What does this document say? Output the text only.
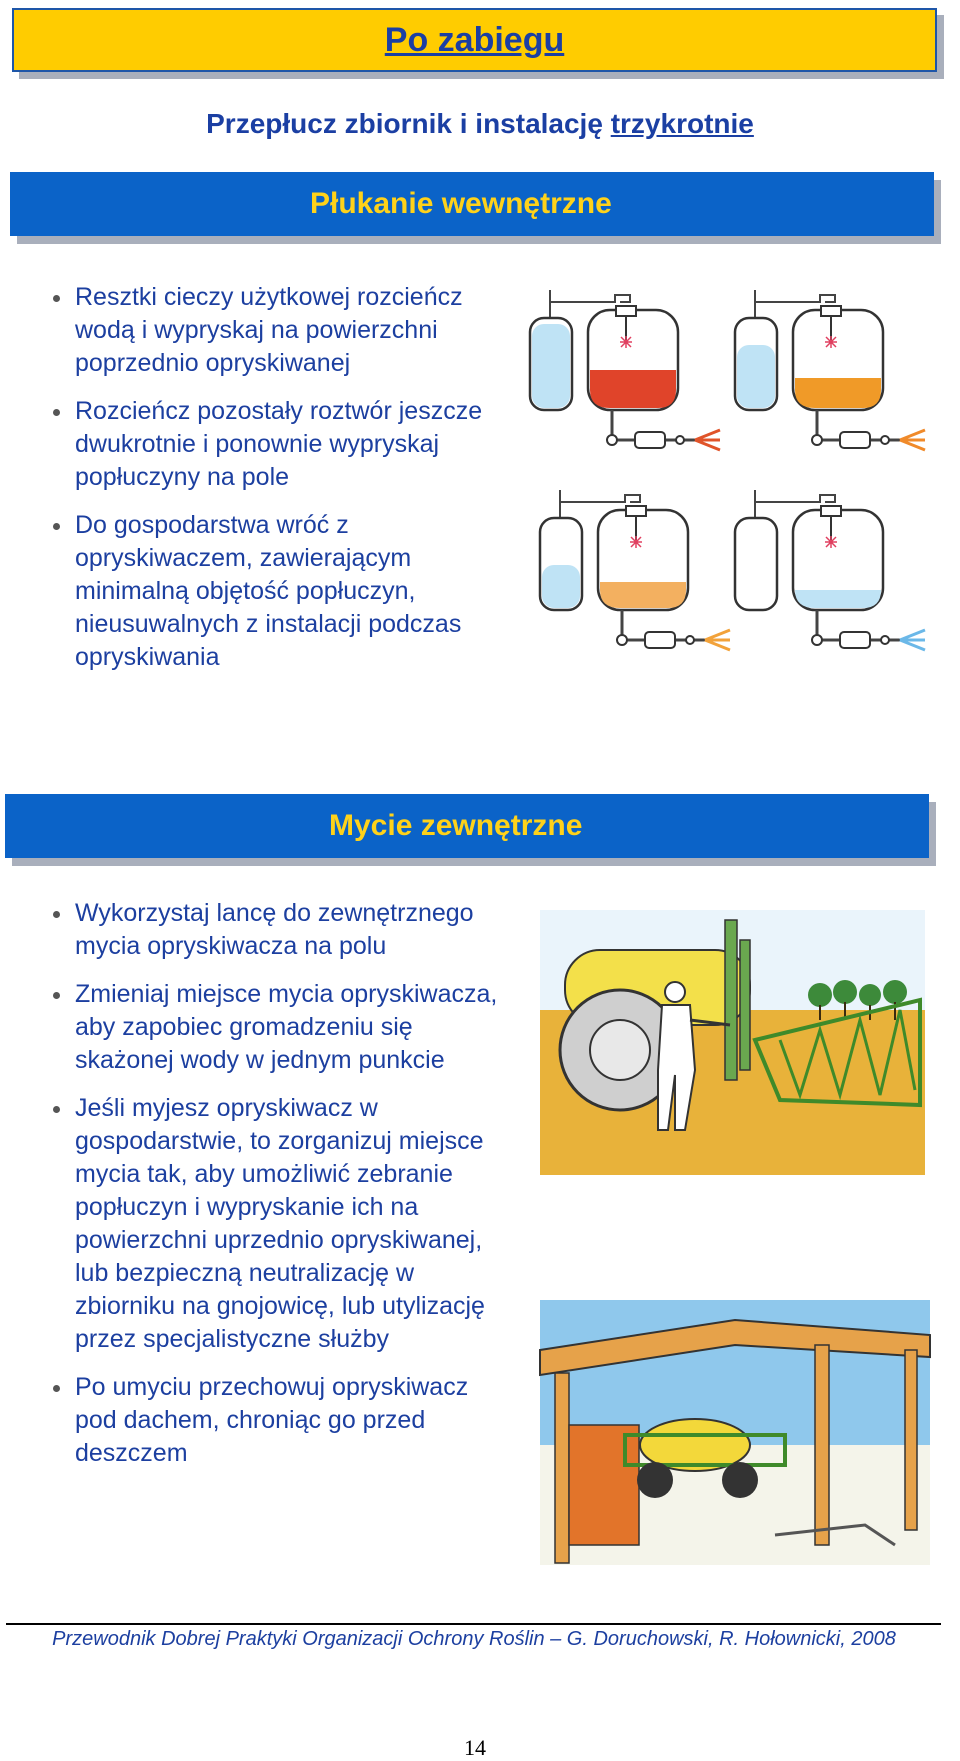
Po zabiegu
Przepłucz zbiornik i instalację trzykrotnie
Płukanie wewnętrzne
Resztki cieczy użytkowej rozcieńcz wodą i wypryskaj na powierzchni poprzednio opryskiwanej
Rozcieńcz pozostały roztwór jeszcze dwukrotnie i ponownie wypryskaj popłuczyny na pole
Do gospodarstwa wróć z opryskiwaczem, zawierającym minimalną objętość popłuczyn, nieusuwalnych z instalacji podczas opryskiwania
Mycie zewnętrzne
Wykorzystaj lancę do zewnętrznego mycia opryskiwacza na polu
Zmieniaj miejsce mycia opryskiwacza, aby zapobiec gromadzeniu się skażonej wody w jednym punkcie
Jeśli myjesz opryskiwacz w gospodarstwie, to zorganizuj miejsce mycia tak, aby umożliwić zebranie popłuczyn i wypryskanie ich na powierzchni uprzednio opryskiwanej, lub bezpieczną neutralizację w zbiorniku na gnojowicę, lub utylizację przez specjalistyczne służby
Po umyciu przechowuj opryskiwacz pod dachem, chroniąc go przed deszczem
Przewodnik Dobrej Praktyki Organizacji Ochrony Roślin – G. Doruchowski, R. Hołownicki, 2008
14
